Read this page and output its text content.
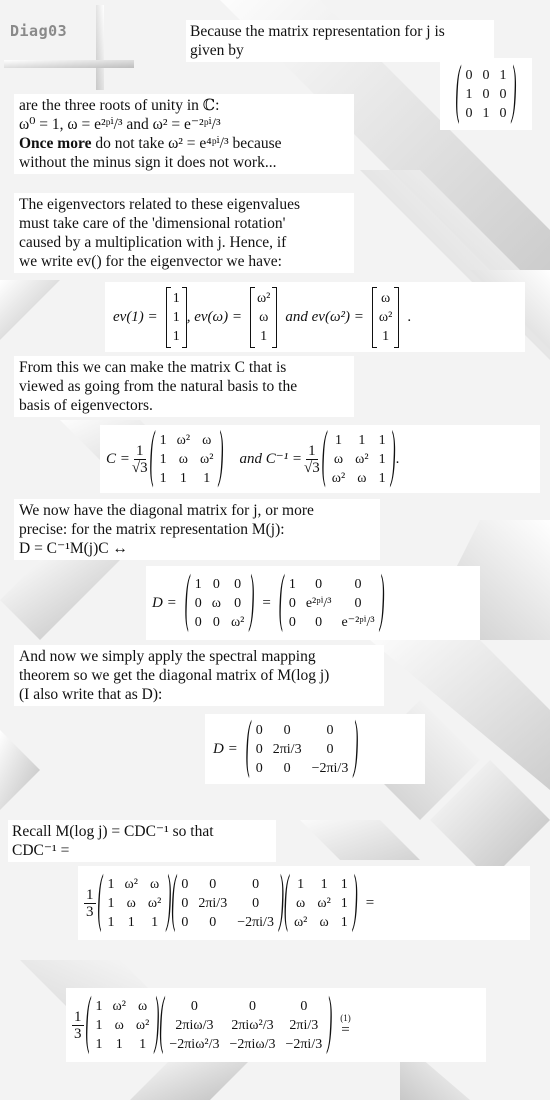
Diag03	Because the matrix representation for j is
given by
( 0	0	1
1	0	0
0	1	0 )
are the three roots of unity in ℂ:
ω⁰ = 1, ω = e²ᵖⁱ/³ and ω² = e⁻²ᵖⁱ/³
Once more do not take ω² = e⁴ᵖⁱ/³ because
without the minus sign it does not work...
The eigenvectors related to these eigenvalues
must take care of the 'dimensional rotation'
caused by a multiplication with j. Hence, if
we write ev() for the eigenvector we have:
ev(1) =
1
1
1
, ev(ω) =
ω²
ω
1
and ev(ω²) =
ω
ω²
1
.
From this we can make the matrix C that is
viewed as going from the natural basis to the
basis of eigenvectors.
$C = \frac{1}{√3}$ ( 1	ω²	ω
1	ω	ω²
1	1	1 ) and $C^{-1} = \frac{1}{√3}$ ( 1	1	1
ω	ω²	1
ω²	ω	1 ) .
We now have the diagonal matrix for j, or more
precise: for the matrix representation M(j):
D = C⁻¹M(j)C ↔
D = ( 1	0	0
0	ω	0
0	0	ω² ) = ( 1	0	0
0	e²ᵖⁱ/³	0
0	0	e⁻²ᵖⁱ/³ )
And now we simply apply the spectral mapping
theorem so we get the diagonal matrix of M(log j)
(I also write that as D):
D = ( 0	0	0
0	2πi/3	0
0	0	−2πi/3 )
Recall M(log j) = CDC⁻¹ so that
CDC⁻¹ =
$\frac{1}{3}$ ( 1	ω²	ω
1	ω	ω²
1	1	1 ) ( 0	0	0
0	2πi/3	0
0	0	−2πi/3 ) ( 1	1	1
ω	ω²	1
ω²	ω	1 ) =
$\frac{1}{3}$ ( 1	ω²	ω
1	ω	ω²
1	1	1 ) ( 0	0	0
2πiω/3	2πiω²/3	2πi/3
−2πiω²/3	−2πiω/3	−2πi/3 ) (1)
=
